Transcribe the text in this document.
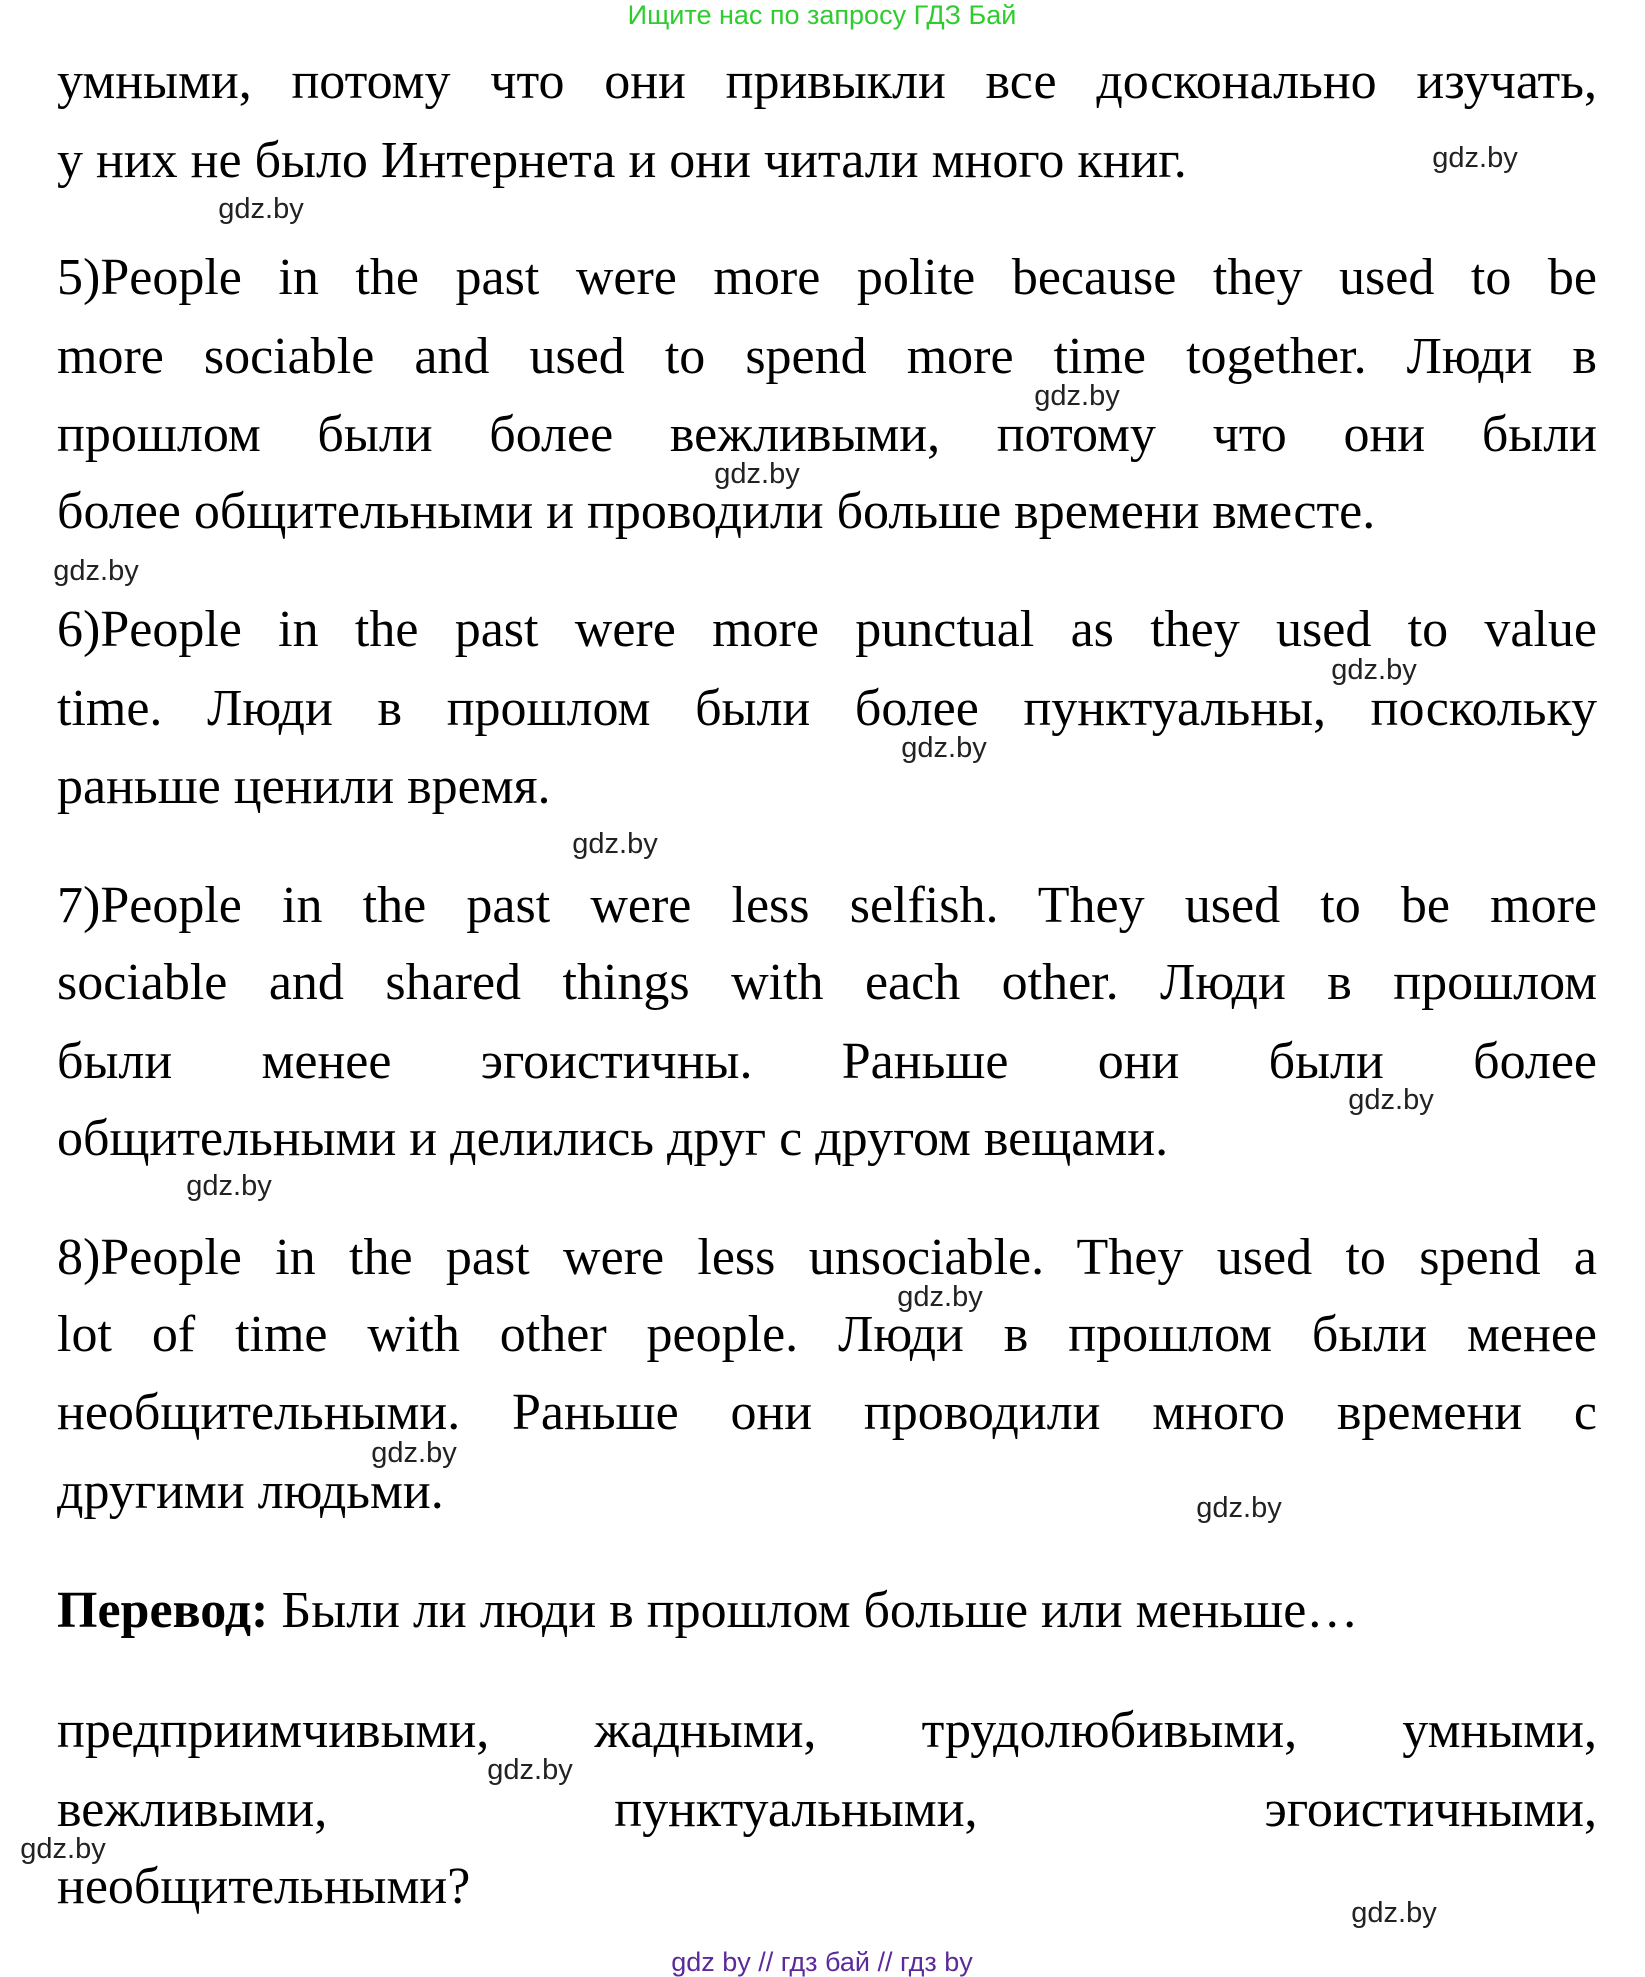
Ищите нас по запросу ГДЗ Бай
умными, потому что они привыкли все досконально изучать,
у них не было Интернета и они читали много книг.
5)People in the past were more polite because they used to be
more sociable and used to spend more time together. Люди в
прошлом были более вежливыми, потому что они были
более общительными и проводили больше времени вместе.
6)People in the past were more punctual as they used to value
time. Люди в прошлом были более пунктуальны, поскольку
раньше ценили время.
7)People in the past were less selfish. They used to be more
sociable and shared things with each other. Люди в прошлом
были менее эгоистичны. Раньше они были более
общительными и делились друг с другом вещами.
8)People in the past were less unsociable. They used to spend a
lot of time with other people. Люди в прошлом были менее
необщительными. Раньше они проводили много времени с
другими людьми.
Перевод: Были ли люди в прошлом больше или меньше…
предприимчивыми, жадными, трудолюбивыми, умными,
вежливыми, пунктуальными, эгоистичными,
необщительными?
gdz.by
gdz.by
gdz.by
gdz.by
gdz.by
gdz.by
gdz.by
gdz.by
gdz.by
gdz.by
gdz.by
gdz.by
gdz.by
gdz.by
gdz.by
gdz.by
gdz by // гдз бай // гдз by
